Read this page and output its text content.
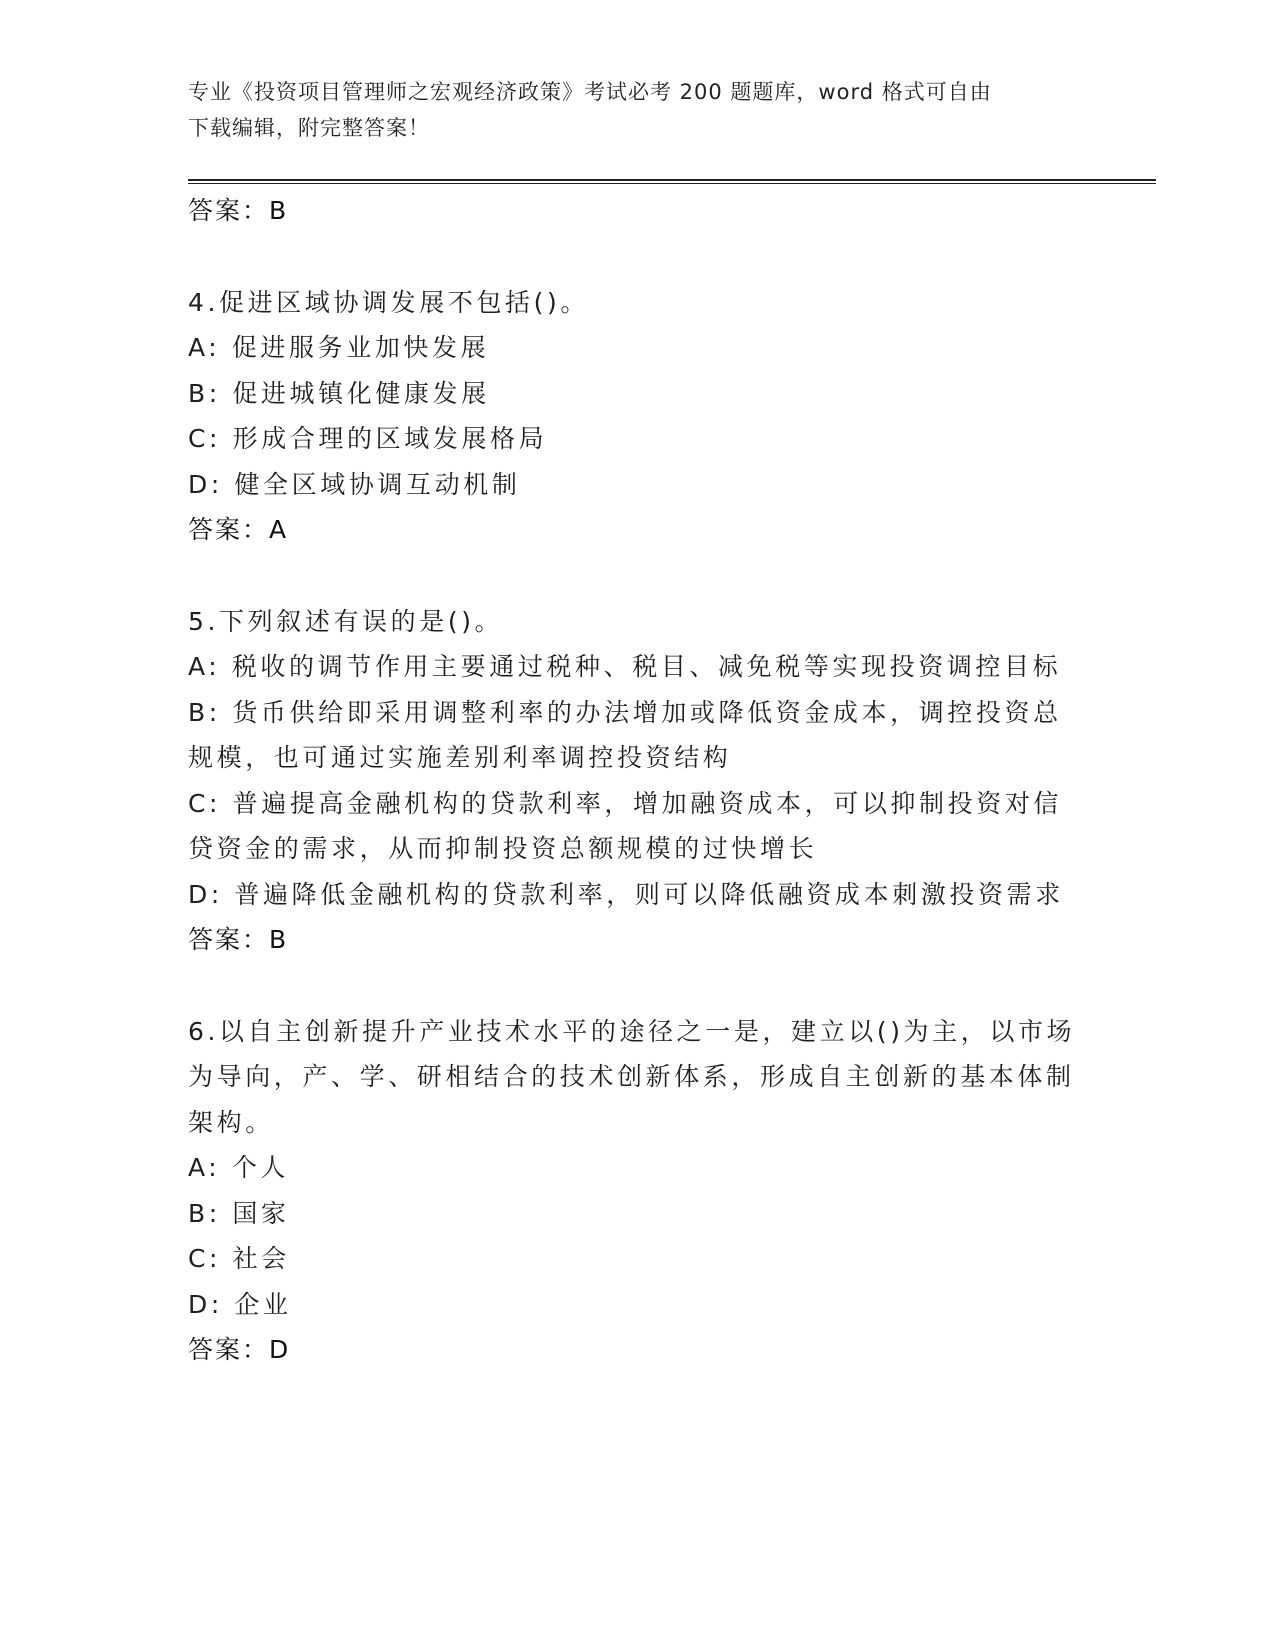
专业《投资项目管理师之宏观经济政策》考试必考 200 题题库，word 格式可自由
下载编辑，附完整答案！
答案：B
4.促进区域协调发展不包括()。
A: 促进服务业加快发展
B: 促进城镇化健康发展
C: 形成合理的区域发展格局
D: 健全区域协调互动机制
答案：A
5.下列叙述有误的是()。
A: 税收的调节作用主要通过税种、税目、减免税等实现投资调控目标
B: 货币供给即采用调整利率的办法增加或降低资金成本，调控投资总规模，也可通过实施差别利率调控投资结构
C: 普遍提高金融机构的贷款利率，增加融资成本，可以抑制投资对信贷资金的需求，从而抑制投资总额规模的过快增长
D: 普遍降低金融机构的贷款利率，则可以降低融资成本刺激投资需求
答案：B
6.以自主创新提升产业技术水平的途径之一是，建立以()为主，以市场为导向，产、学、研相结合的技术创新体系，形成自主创新的基本体制架构。
A: 个人
B: 国家
C: 社会
D: 企业
答案：D
